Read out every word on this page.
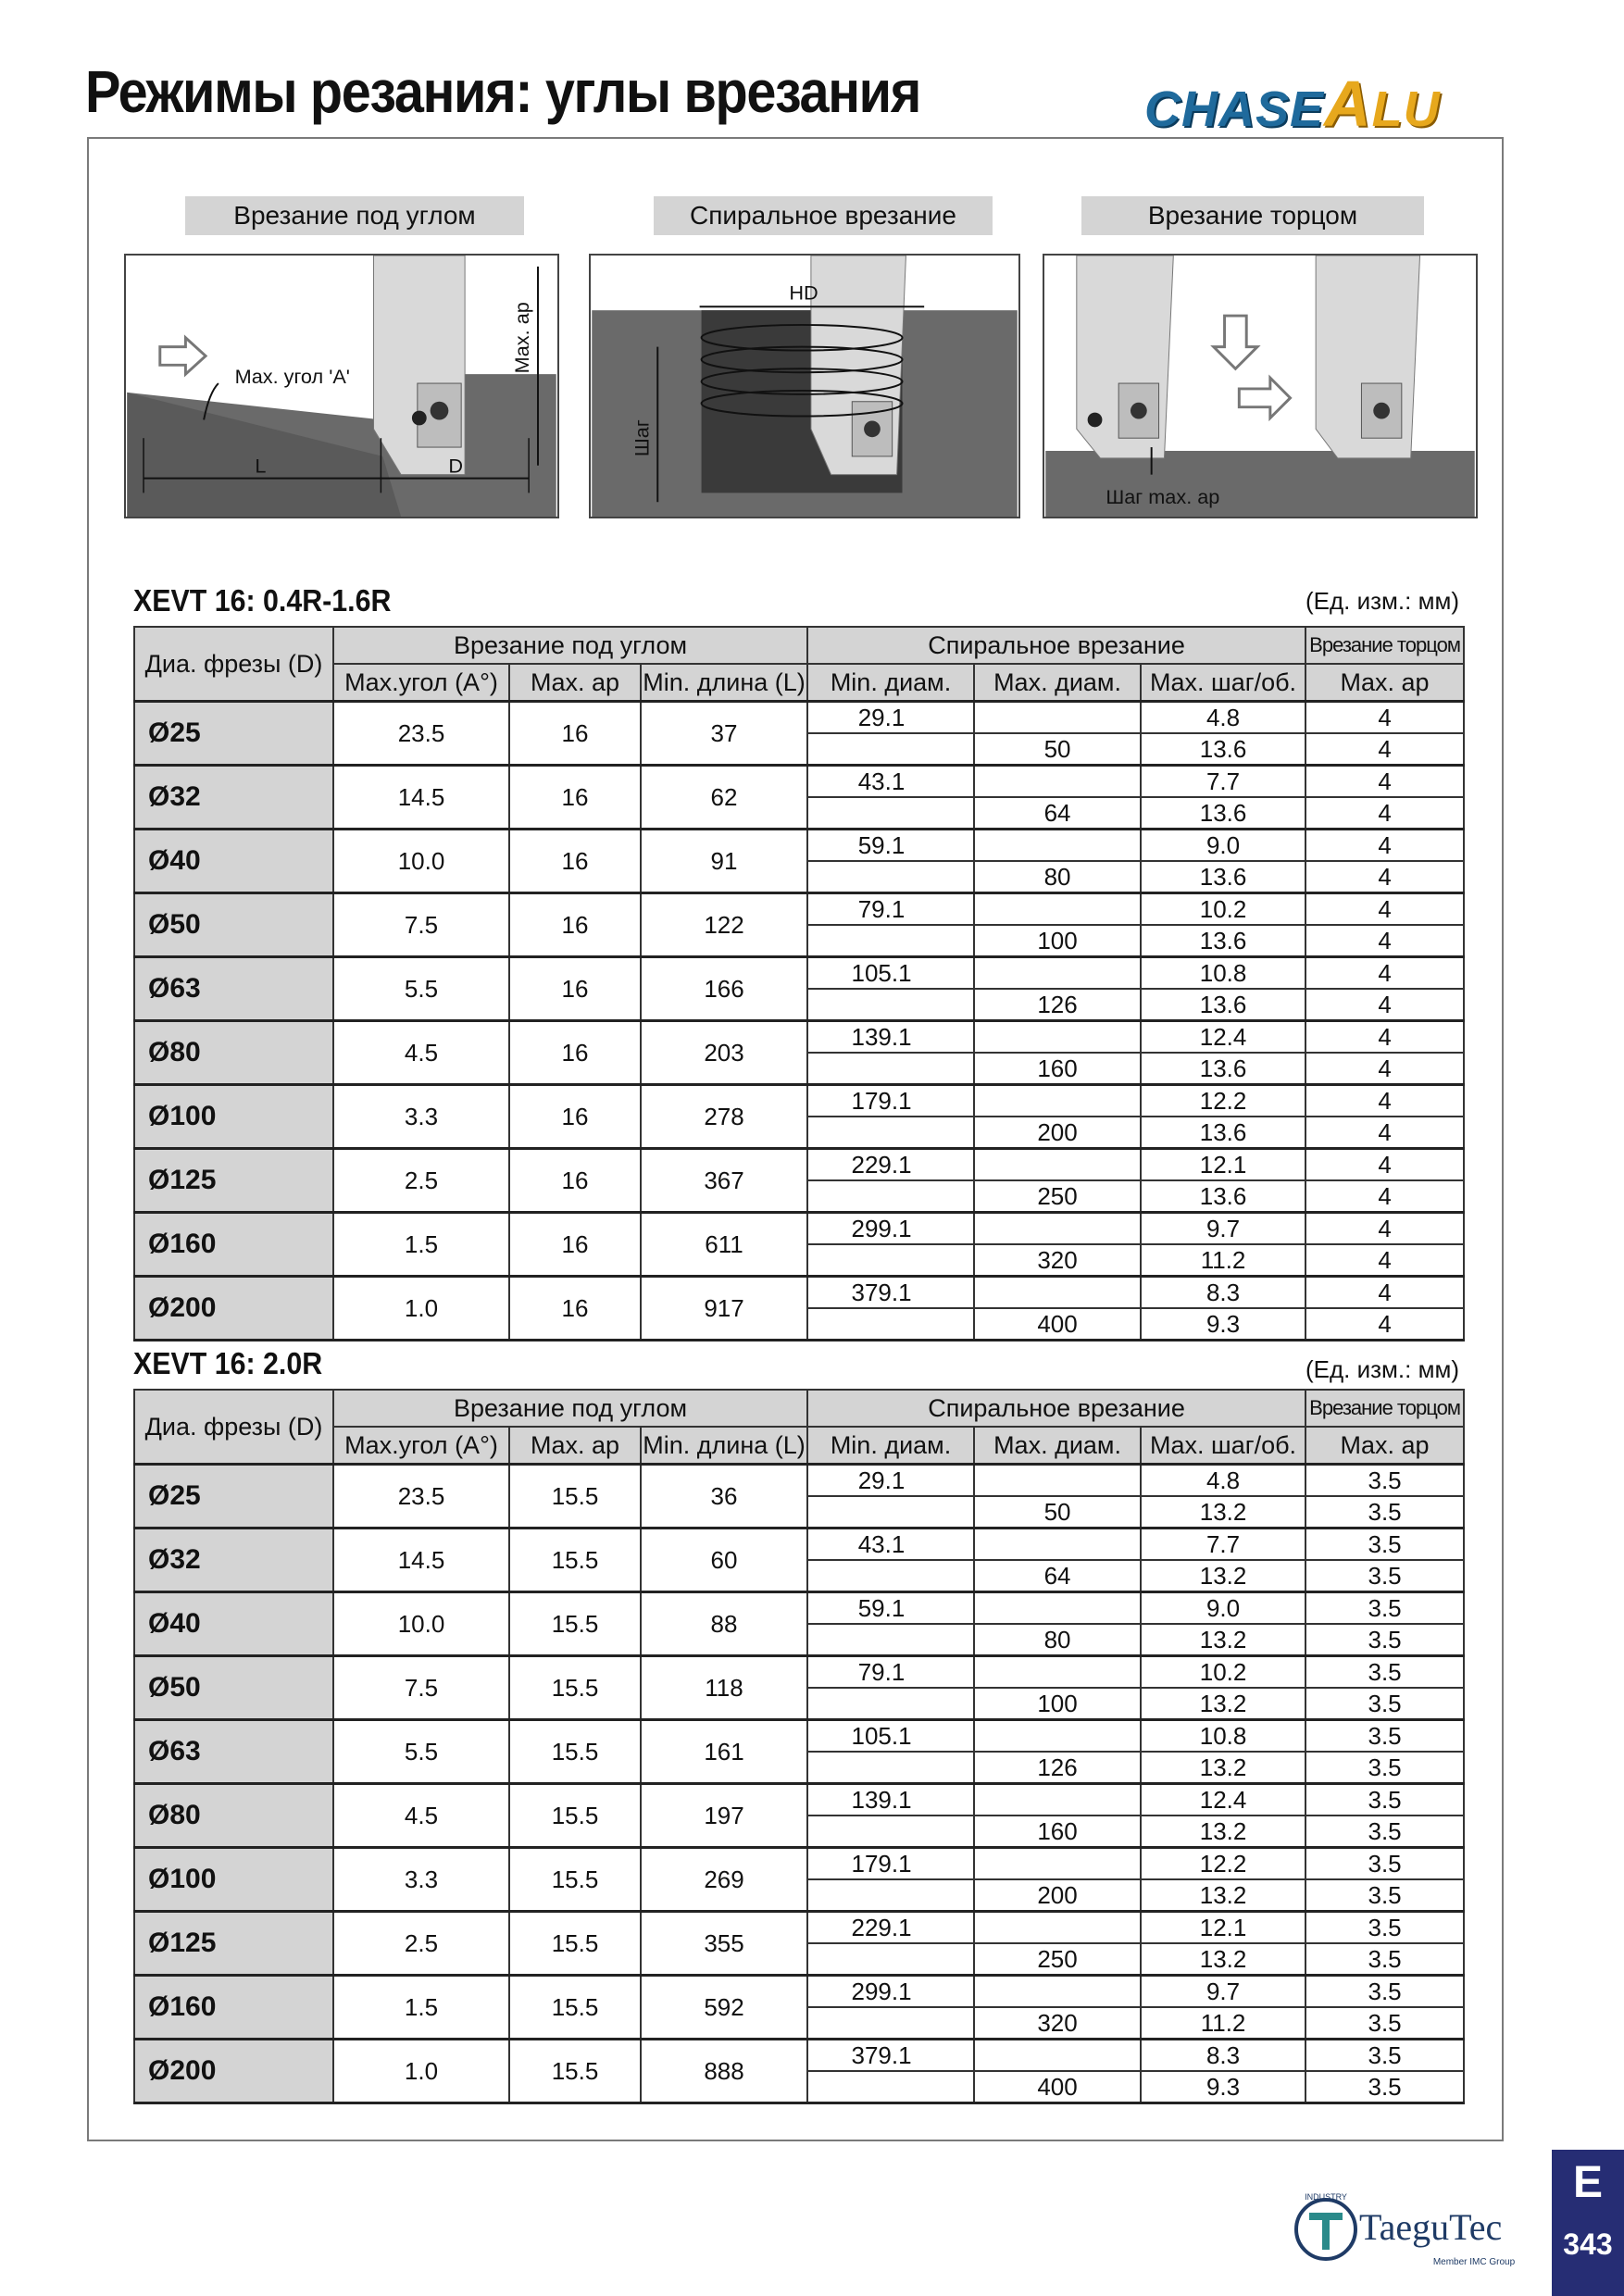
Режимы резания: углы врезания	CHASEALU
Врезание под углом	Спиральное врезание	Врезание торцом
Max. угол 'A'
L	D
Max. ap
HD
Шаг
Шаг max. ap
XEVT 16: 0.4R-1.6R	(Ед. изм.: мм)
Диа. фрезы (D)	Врезание под углом			Спиральное врезание			Врезание торцом
	Max.угол (A°)	Max. ap	Min. длина (L)	Min. диам.	Max. диам.	Max. шаг/об.	Max. ap
Ø25	23.5	16	37	29.1		4.8	4
					50	13.6	4
Ø32	14.5	16	62	43.1		7.7	4
					64	13.6	4
Ø40	10.0	16	91	59.1		9.0	4
					80	13.6	4
Ø50	7.5	16	122	79.1		10.2	4
					100	13.6	4
Ø63	5.5	16	166	105.1		10.8	4
					126	13.6	4
Ø80	4.5	16	203	139.1		12.4	4
					160	13.6	4
Ø100	3.3	16	278	179.1		12.2	4
					200	13.6	4
Ø125	2.5	16	367	229.1		12.1	4
					250	13.6	4
Ø160	1.5	16	611	299.1		9.7	4
					320	11.2	4
Ø200	1.0	16	917	379.1		8.3	4
					400	9.3	4
XEVT 16: 2.0R	(Ед. изм.: мм)
Диа. фрезы (D)	Врезание под углом			Спиральное врезание			Врезание торцом
	Max.угол (A°)	Max. ap	Min. длина (L)	Min. диам.	Max. диам.	Max. шаг/об.	Max. ap
Ø25	23.5	15.5	36	29.1		4.8	3.5
					50	13.2	3.5
Ø32	14.5	15.5	60	43.1		7.7	3.5
					64	13.2	3.5
Ø40	10.0	15.5	88	59.1		9.0	3.5
					80	13.2	3.5
Ø50	7.5	15.5	118	79.1		10.2	3.5
					100	13.2	3.5
Ø63	5.5	15.5	161	105.1		10.8	3.5
					126	13.2	3.5
Ø80	4.5	15.5	197	139.1		12.4	3.5
					160	13.2	3.5
Ø100	3.3	15.5	269	179.1		12.2	3.5
					200	13.2	3.5
Ø125	2.5	15.5	355	229.1		12.1	3.5
					250	13.2	3.5
Ø160	1.5	15.5	592	299.1		9.7	3.5
					320	11.2	3.5
Ø200	1.0	15.5	888	379.1		8.3	3.5
					400	9.3	3.5
INDUSTRY
Member IMC Group
TaeguTec
E
343
